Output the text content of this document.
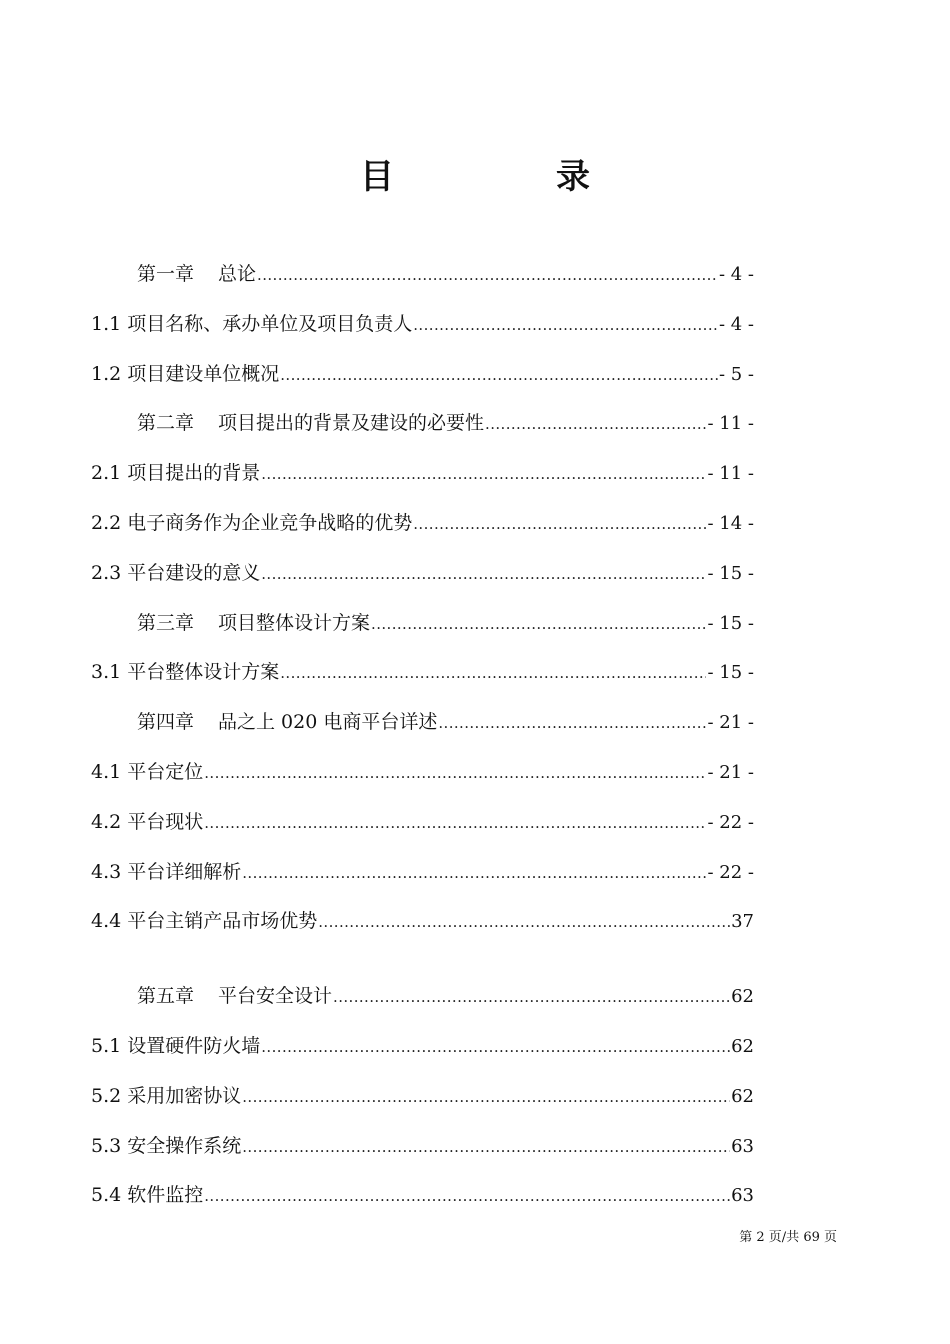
目　录
第一章 总论 .....	- 4 -
1.1 项目名称、承办单位及项目负责人 .....	- 4 -
1.2 项目建设单位概况 .....	- 5 -
第二章 项目提出的背景及建设的必要性 .....	- 11 -
2.1 项目提出的背景 .....	- 11 -
2.2 电子商务作为企业竞争战略的优势 .....	- 14 -
2.3 平台建设的意义 .....	- 15 -
第三章 项目整体设计方案 .....	- 15 -
3.1 平台整体设计方案 .....	- 15 -
第四章 品之上 020 电商平台详述 .....	- 21 -
4.1 平台定位 .....	- 21 -
4.2 平台现状 .....	- 22 -
4.3 平台详细解析 .....	- 22 -
4.4 平台主销产品市场优势 .....	37
第五章 平台安全设计 .....	62
5.1 设置硬件防火墙 .....	62
5.2 采用加密协议 .....	62
5.3 安全操作系统 .....	63
5.4 软件监控 .....	63
第 2 页/共 69 页
